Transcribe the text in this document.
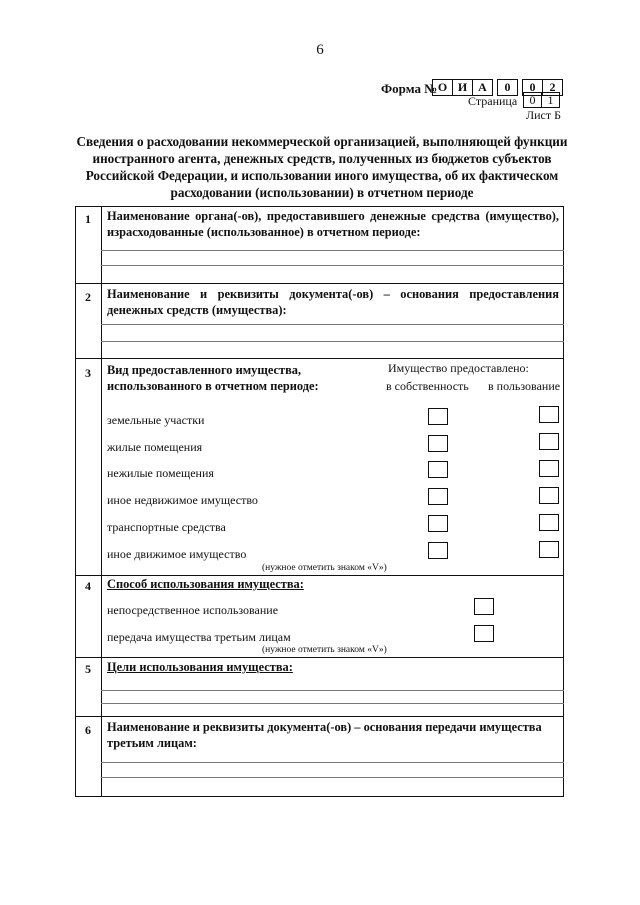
6
Форма № О И А	0	0	2
Страница	0	1
Лист Б
Сведения о расходовании некоммерческой организацией, выполняющей функции иностранного агента, денежных средств, полученных из бюджетов субъектов Российской Федерации, и использовании иного имущества, об их фактическом расходовании (использовании) в отчетном периоде
1	Наименование органа(-ов), предоставившего денежные средства (имущество), израсходованные (использованное) в отчетном периоде:
2	Наименование и реквизиты документа(-ов) – основания предоставления денежных средств (имущества):
3	Вид предоставленного имущества, использованного в отчетном периоде:
Имущество предоставлено:
в собственность в пользование
земельные участки
жилые помещения
нежилые помещения
иное недвижимое имущество
транспортные средства
иное движимое имущество
(нужное отметить знаком «V»)
4	Способ использования имущества:
непосредственное использование
передача имущества третьим лицам
(нужное отметить знаком «V»)
5	Цели использования имущества:
6	Наименование и реквизиты документа(-ов) – основания передачи имущества третьим лицам:
